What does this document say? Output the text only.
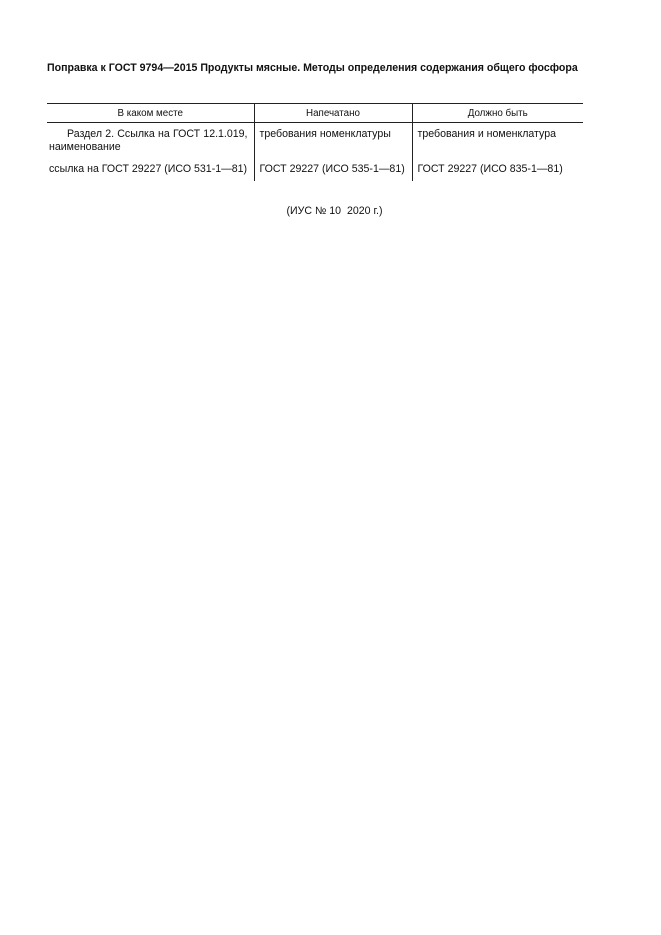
Поправка к ГОСТ 9794—2015 Продукты мясные. Методы определения содержания общего фосфора

В каком месте	Напечатано	Должно быть
Раздел 2. Ссылка на ГОСТ 12.1.019, наименование	требования номенклатуры	требования и номенклатура
ссылка на ГОСТ 29227 (ИСО 531-1—81)	ГОСТ 29227 (ИСО 535-1—81)	ГОСТ 29227 (ИСО 835-1—81)
(ИУС № 10  2020 г.)
